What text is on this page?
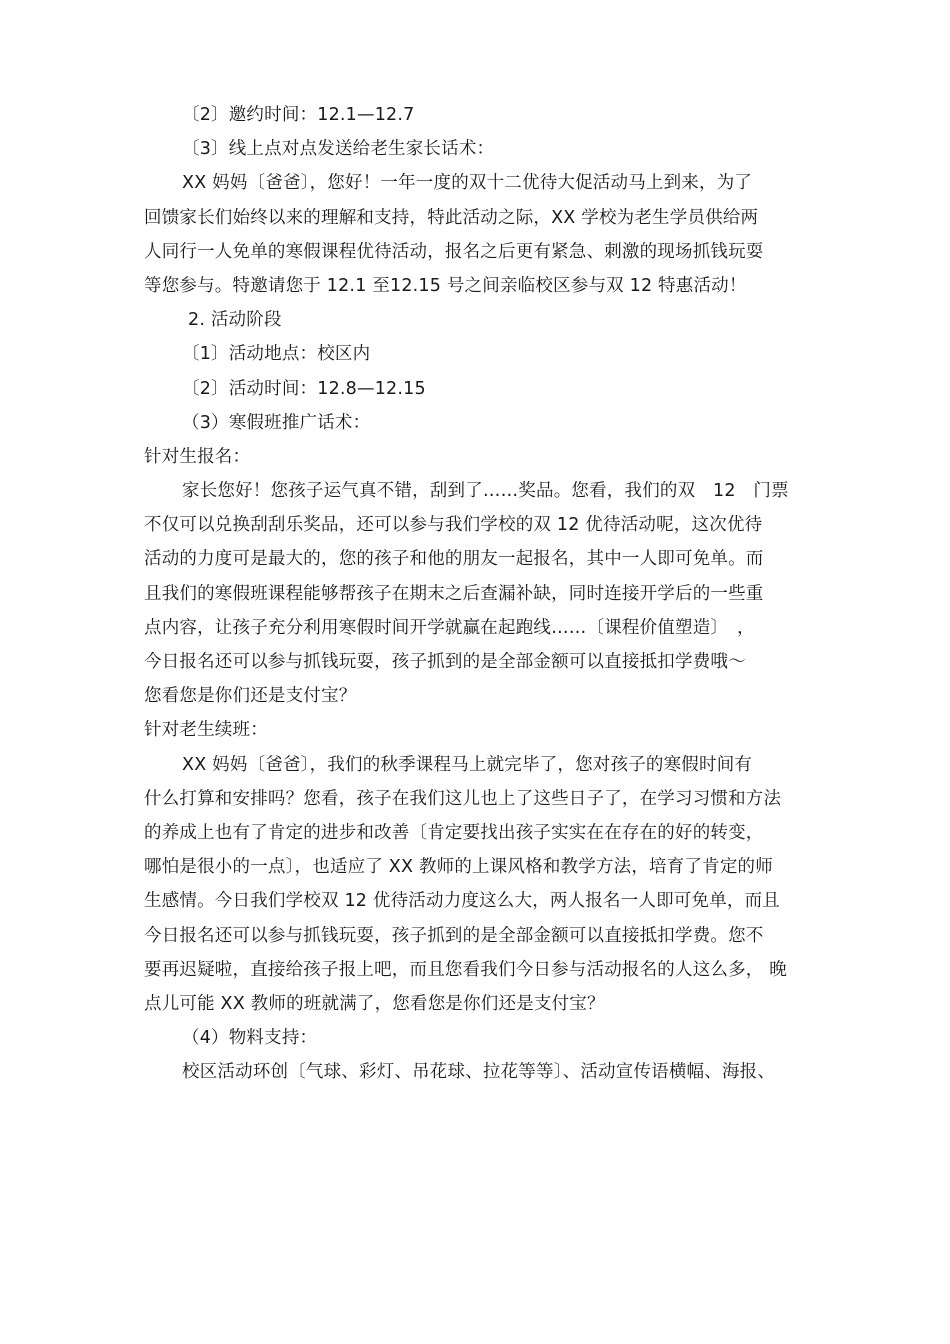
〔2〕邀约时间：12.1—12.7
〔3〕线上点对点发送给老生家长话术：
XX 妈妈〔爸爸〕，您好！一年一度的双十二优待大促活动马上到来，为了
回馈家长们始终以来的理解和支持，特此活动之际，XX 学校为老生学员供给两
人同行一人免单的寒假课程优待活动，报名之后更有紧急、刺激的现场抓钱玩耍
等您参与。特邀请您于 12.1 至12.15 号之间亲临校区参与双 12 特惠活动！
2. 活动阶段
〔1〕活动地点：校区内
〔2〕活动时间：12.8—12.15
（3）寒假班推广话术：
针对生报名：
家长您好！您孩子运气真不错，刮到了……奖品。您看，我们的双　12　门票
不仅可以兑换刮刮乐奖品，还可以参与我们学校的双 12 优待活动呢，这次优待
活动的力度可是最大的，您的孩子和他的朋友一起报名，其中一人即可免单。而
且我们的寒假班课程能够帮孩子在期末之后查漏补缺，同时连接开学后的一些重
点内容，让孩子充分利用寒假时间开学就赢在起跑线……〔课程价值塑造〕　，
今日报名还可以参与抓钱玩耍，孩子抓到的是全部金额可以直接抵扣学费哦～
您看您是你们还是支付宝？
针对老生续班：
XX 妈妈〔爸爸〕，我们的秋季课程马上就完毕了，您对孩子的寒假时间有
什么打算和安排吗？您看，孩子在我们这儿也上了这些日子了，在学习习惯和方法
的养成上也有了肯定的进步和改善〔肯定要找出孩子实实在在存在的好的转变，
哪怕是很小的一点〕，也适应了 XX 教师的上课风格和教学方法，培育了肯定的师
生感情。今日我们学校双 12 优待活动力度这么大，两人报名一人即可免单，而且
今日报名还可以参与抓钱玩耍，孩子抓到的是全部金额可以直接抵扣学费。您不
要再迟疑啦，直接给孩子报上吧，而且您看我们今日参与活动报名的人这么多， 晚
点儿可能 XX 教师的班就满了，您看您是你们还是支付宝？
（4）物料支持：
校区活动环创〔气球、彩灯、吊花球、拉花等等〕、活动宣传语横幅、海报、
